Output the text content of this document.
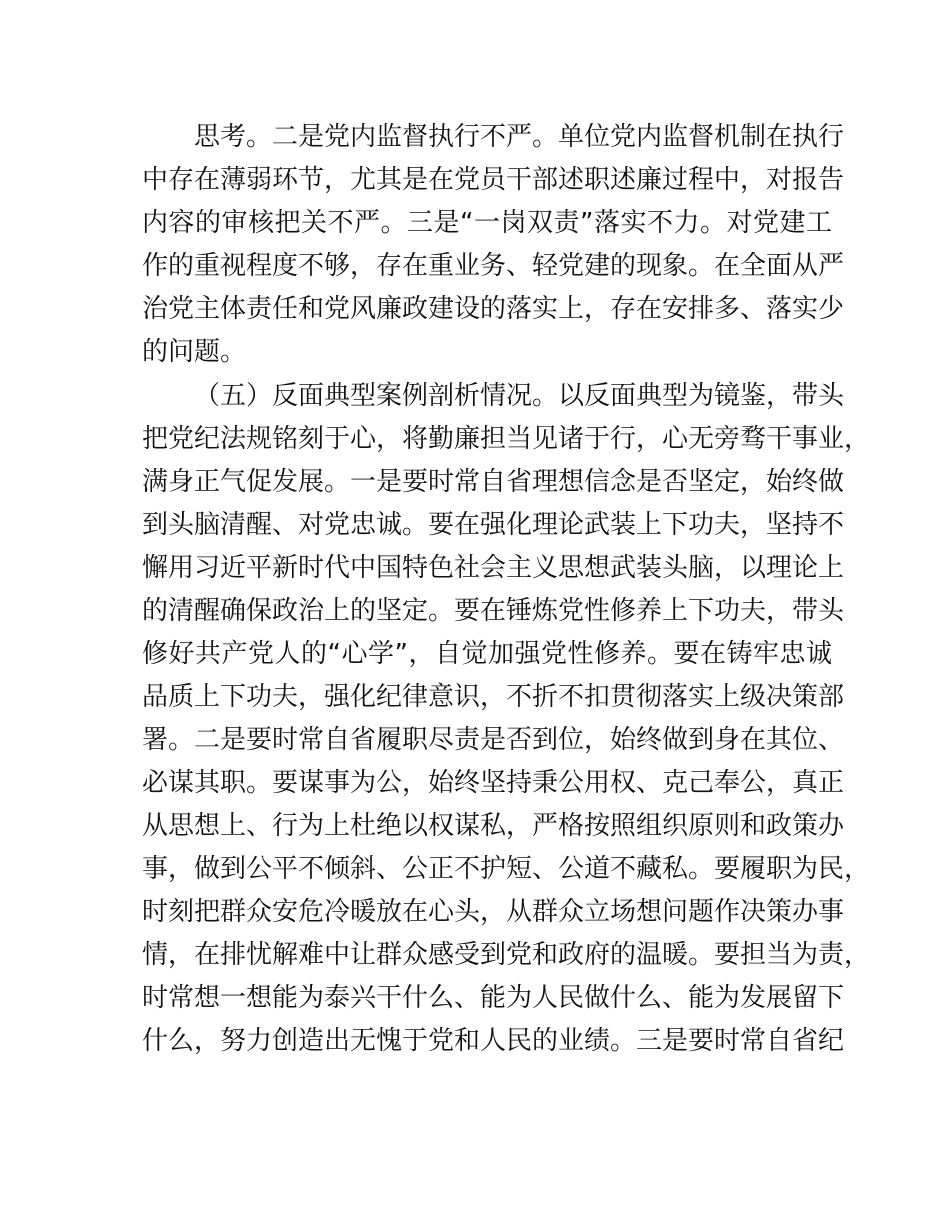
思考。二是党内监督执行不严。单位党内监督机制在执行

中存在薄弱环节，尤其是在党员干部述职述廉过程中，对报告

内容的审核把关不严。三是“一岗双责”落实不力。对党建工

作的重视程度不够，存在重业务、轻党建的现象。在全面从严

治党主体责任和党风廉政建设的落实上，存在安排多、落实少

的问题。

（五）反面典型案例剖析情况。以反面典型为镜鉴，带头

把党纪法规铭刻于心，将勤廉担当见诸于行，心无旁骛干事业，

满身正气促发展。一是要时常自省理想信念是否坚定，始终做

到头脑清醒、对党忠诚。要在强化理论武装上下功夫，坚持不

懈用习近平新时代中国特色社会主义思想武装头脑，以理论上

的清醒确保政治上的坚定。要在锤炼党性修养上下功夫，带头

修好共产党人的“心学”，自觉加强党性修养。要在铸牢忠诚

品质上下功夫，强化纪律意识，不折不扣贯彻落实上级决策部

署。二是要时常自省履职尽责是否到位，始终做到身在其位、

必谋其职。要谋事为公，始终坚持秉公用权、克己奉公，真正

从思想上、行为上杜绝以权谋私，严格按照组织原则和政策办

事，做到公平不倾斜、公正不护短、公道不藏私。要履职为民，

时刻把群众安危冷暖放在心头，从群众立场想问题作决策办事

情，在排忧解难中让群众感受到党和政府的温暖。要担当为责，

时常想一想能为泰兴干什么、能为人民做什么、能为发展留下

什么，努力创造出无愧于党和人民的业绩。三是要时常自省纪
